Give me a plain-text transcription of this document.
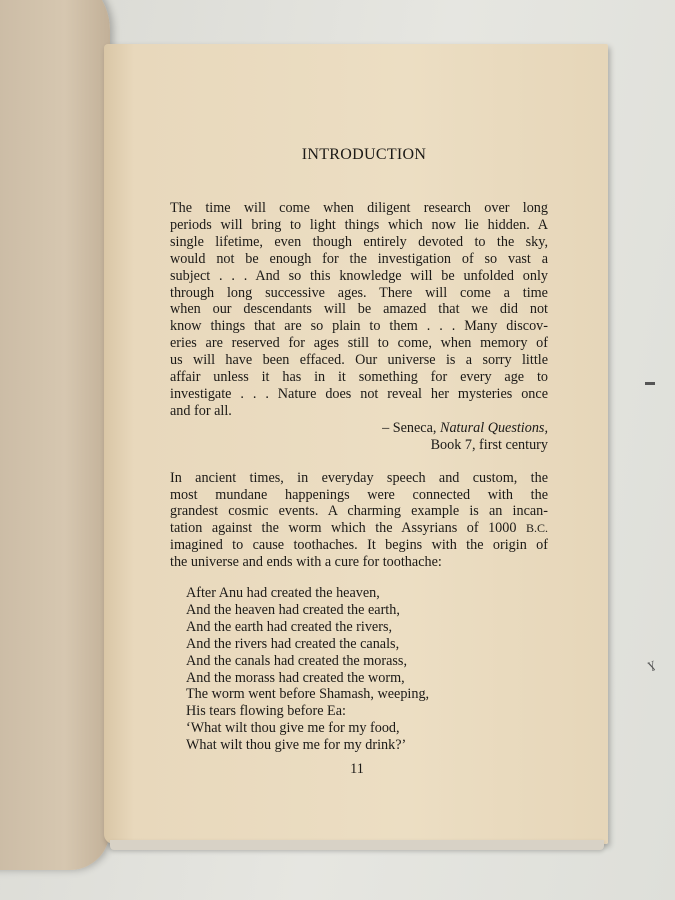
ɣ
▬
INTRODUCTION
The time will come when diligent research over long
periods will bring to light things which now lie hidden. A
single lifetime, even though entirely devoted to the sky,
would not be enough for the investigation of so vast a
subject . . . And so this knowledge will be unfolded only
through long successive ages. There will come a time
when our descendants will be amazed that we did not
know things that are so plain to them . . . Many discov-
eries are reserved for ages still to come, when memory of
us will have been effaced. Our universe is a sorry little
affair unless it has in it something for every age to
investigate . . . Nature does not reveal her mysteries once
and for all.
– Seneca, Natural Questions,
Book 7, first century
In ancient times, in everyday speech and custom, the
most mundane happenings were connected with the
grandest cosmic events. A charming example is an incan-
tation against the worm which the Assyrians of 1000 B.C.
imagined to cause toothaches. It begins with the origin of
the universe and ends with a cure for toothache:
After Anu had created the heaven,
And the heaven had created the earth,
And the earth had created the rivers,
And the rivers had created the canals,
And the canals had created the morass,
And the morass had created the worm,
The worm went before Shamash, weeping,
His tears flowing before Ea:
‘What wilt thou give me for my food,
What wilt thou give me for my drink?’
11
